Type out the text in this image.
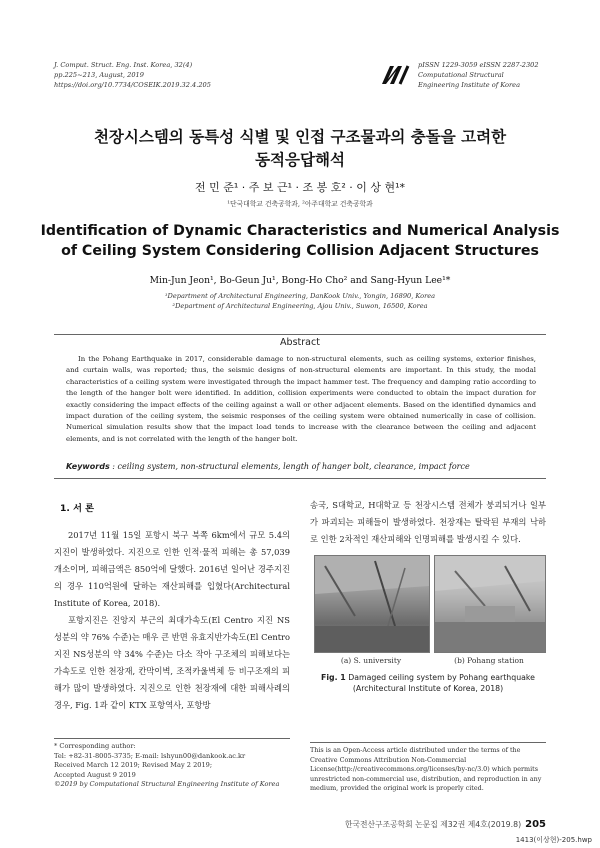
J. Comput. Struct. Eng. Inst. Korea, 32(4)
pp.225~213, August, 2019
https://doi.org/10.7734/COSEIK.2019.32.4.205
pISSN 1229-3059 eISSN 2287-2302
Computational Structural
Engineering Institute of Korea
천장시스템의 동특성 식별 및 인접 구조물과의 충돌을 고려한
동적응답해석
전 민 준¹ · 주 보 근¹ · 조 봉 호² · 이 상 현¹*
¹단국대학교 건축공학과, ²아주대학교 건축공학과
Identification of Dynamic Characteristics and Numerical Analysis
of Ceiling System Considering Collision Adjacent Structures
Min-Jun Jeon¹, Bo-Geun Ju¹, Bong-Ho Cho² and Sang-Hyun Lee¹*
¹Department of Architectural Engineering, DanKook Univ., Yongin, 16890, Korea
²Department of Architectural Engineering, Ajou Univ., Suwon, 16500, Korea
Abstract
In the Pohang Earthquake in 2017, considerable damage to non-structural elements, such as ceiling systems, exterior finishes, and curtain walls, was reported; thus, the seismic designs of non-structural elements are important. In this study, the modal characteristics of a ceiling system were investigated through the impact hammer test. The frequency and damping ratio according to the length of the hanger bolt were identified. In addition, collision experiments were conducted to obtain the impact duration for exactly considering the impact effects of the ceiling against a wall or other adjacent elements. Based on the identified dynamics and impact duration of the ceiling system, the seismic responses of the ceiling system were obtained numerically in case of collision. Numerical simulation results show that the impact load tends to increase with the clearance between the ceiling and adjacent elements, and is not correlated with the length of the hanger bolt.
Keywords : ceiling system, non-structural elements, length of hanger bolt, clearance, impact force
1. 서 론

2017년 11월 15일 포항시 북구 북쪽 6km에서 규모 5.4의 지진이 발생하였다. 지진으로 인한 인적·물적 피해는 총 57,039 개소이며, 피해금액은 850억에 달했다. 2016년 일어난 경주지진의 경우 110억원에 달하는 재산피해를 입혔다(Architectural Institute of Korea, 2018).

포항지진은 진앙지 부근의 최대가속도(El Centro 지진 NS 성분의 약 76% 수준)는 매우 큰 반면 유효지반가속도(El Centro 지진 NS성분의 약 34% 수준)는 다소 작아 구조체의 피해보다는 가속도로 인한 천장재, 칸막이벽, 조적카울벽체 등 비구조재의 피해가 많이 발생하였다. 지진으로 인한 천장재에 대한 피해사례의 경우, Fig. 1과 같이 KTX 포항역사, 포항방

송국, S대학교, H대학교 등 천장시스템 전체가 붕괴되거나 일부가 파괴되는 피해들이 발생하였다. 천장재는 탈락된 부재의 낙하로 인한 2차적인 재산피해와 인명피해를 발생시킬 수 있다.

(a) S. university	(b) Pohang station
Fig. 1 Damaged ceiling system by Pohang earthquake
(Architectural Institute of Korea, 2018)
* Corresponding author:
Tel: +82-31-8005-3735; E-mail: lshyun00@dankook.ac.kr
Received March 12 2019; Revised May 2 2019;
Accepted August 9 2019
©2019 by Computational Structural Engineering Institute of Korea
This is an Open-Access article distributed under the terms of the Creative Commons Attribution Non-Commercial License(http://creativecommons.org/licenses/by-nc/3.0) which permits unrestricted non-commercial use, distribution, and reproduction in any medium, provided the original work is properly cited.
한국전산구조공학회 논문집 제32권 제4호(2019.8) 205
1413(이상현)-205.hwp
